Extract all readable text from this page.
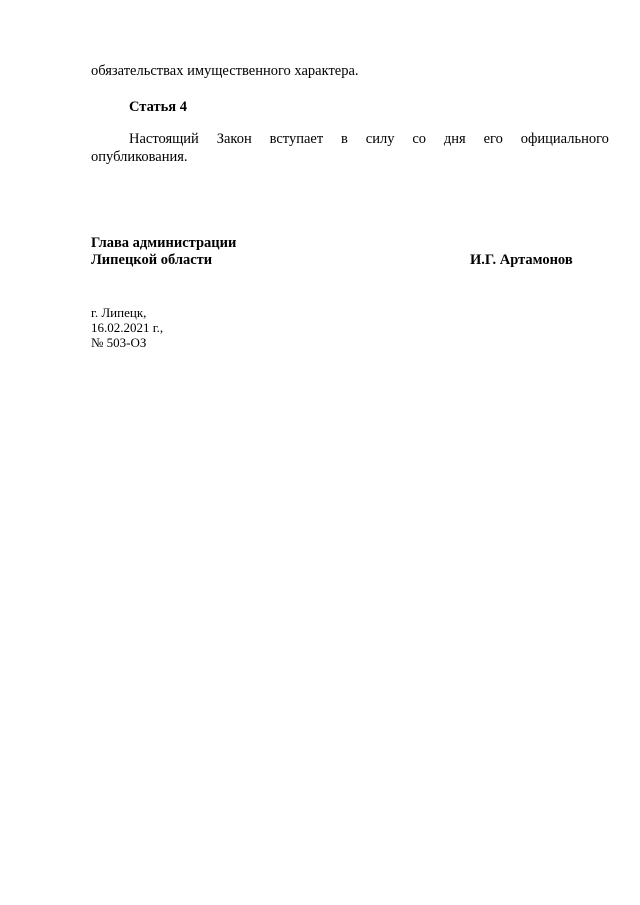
обязательствах имущественного характера.
Статья 4
Настоящий Закон вступает в силу со дня его официального
опубликования.
Глава администрации
Липецкой области	И.Г. Артамонов
г. Липецк,
16.02.2021 г.,
№ 503-ОЗ
